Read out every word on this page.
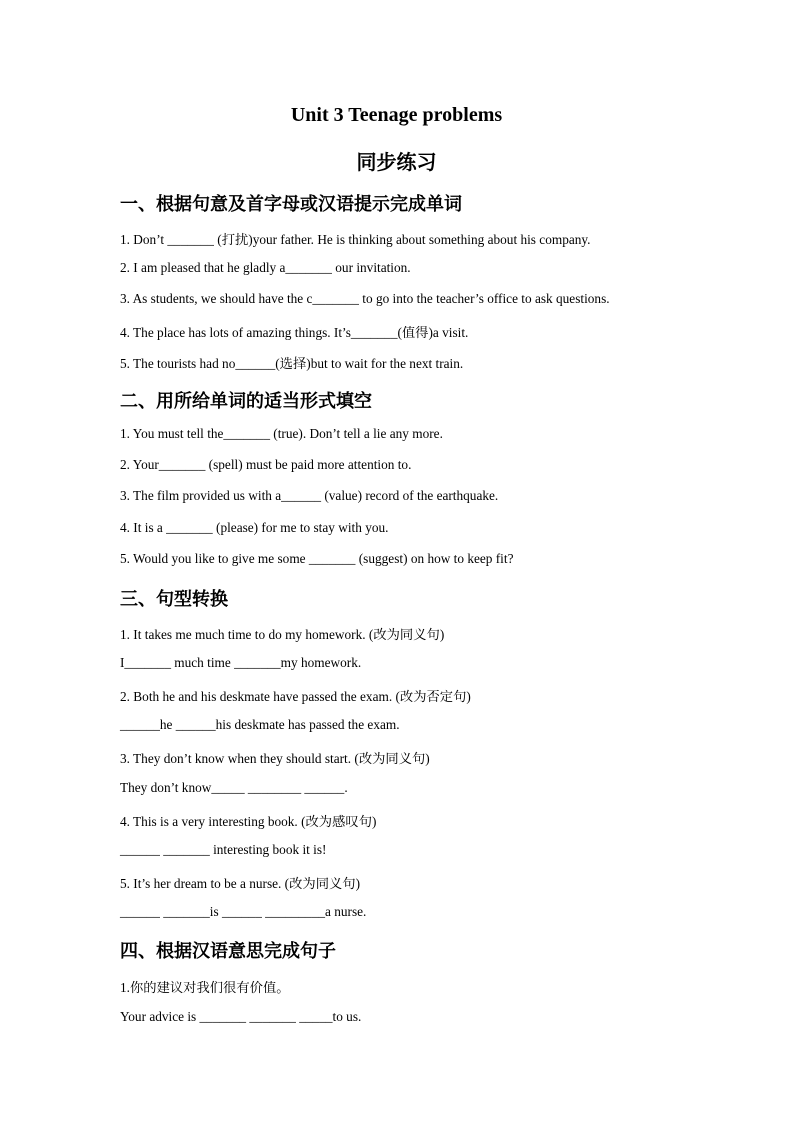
Unit 3 Teenage problems
同步练习
一、根据句意及首字母或汉语提示完成单词
1. Don’t _______ (打扰)your father. He is thinking about something about his company.
2. I am pleased that he gladly a_______ our invitation.
3. As students, we should have the c_______ to go into the teacher’s office to ask questions.
4. The place has lots of amazing things. It’s_______(值得)a visit.
5. The tourists had no______(选择)but to wait for the next train.
二、用所给单词的适当形式填空
1. You must tell the_______ (true). Don’t tell a lie any more.
2. Your_______ (spell) must be paid more attention to.
3. The film provided us with a______ (value) record of the earthquake.
4. It is a _______ (please) for me to stay with you.
5. Would you like to give me some _______ (suggest) on how to keep fit?
三、句型转换
1. It takes me much time to do my homework. (改为同义句)
I_______ much time _______my homework.
2. Both he and his deskmate have passed the exam. (改为否定句)
______he ______his deskmate has passed the exam.
3. They don’t know when they should start. (改为同义句)
They don’t know_____ ________ ______.
4. This is a very interesting book. (改为感叹句)
______ _______ interesting book it is!
5. It’s her dream to be a nurse. (改为同义句)
______ _______is ______ _________a nurse.
四、根据汉语意思完成句子
1.你的建议对我们很有价值。
Your advice is _______ _______ _____to us.
